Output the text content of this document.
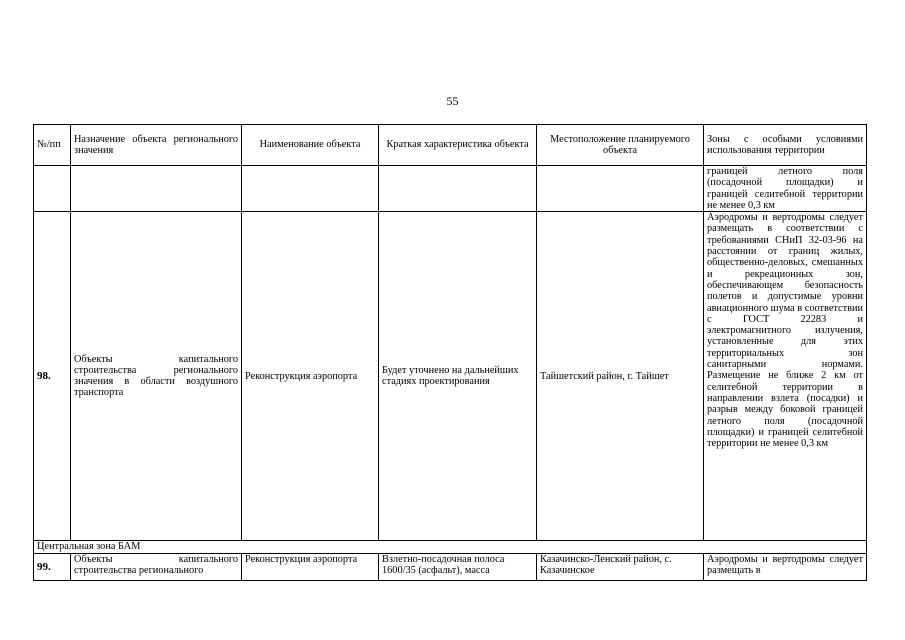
55
№/пп	Назначение объекта регионального значения	Наименование объекта	Краткая характеристика объекта	Местоположение планируемого объекта	Зоны с особыми условиями использования территории
					границей летного поля (посадочной площадки) и границей селитебной территории не менее 0,3 км
98.	Объекты капитального строительства регионального значения в области воздушного транспорта	Реконструкция аэропорта	Будет уточнено на дальнейших стадиях проектирования	Тайшетский район, г. Тайшет	Аэродромы и вертодромы следует размещать в соответствии с требованиями СНиП 32-03-96 на расстоянии от границ жилых, общественно-деловых, смешанных и рекреационных зон, обеспечивающем безопасность полетов и допустимые уровни авиационного шума в соответствии с ГОСТ 22283 и электромагнитного излучения, установленные для этих территориальных зон санитарными нормами. Размещение не ближе 2 км от селитебной территории в направлении взлета (посадки) и разрыв между боковой границей летного поля (посадочной площадки) и границей селитебной территории не менее 0,3 км
Центральная зона БАМ					
99.	Объекты капитального строительства регионального	Реконструкция аэропорта	Взлетно-посадочная полоса 1600/35 (асфальт), масса	Казачинско-Ленский район, с. Казачинское	Аэродромы и вертодромы следует размещать в
